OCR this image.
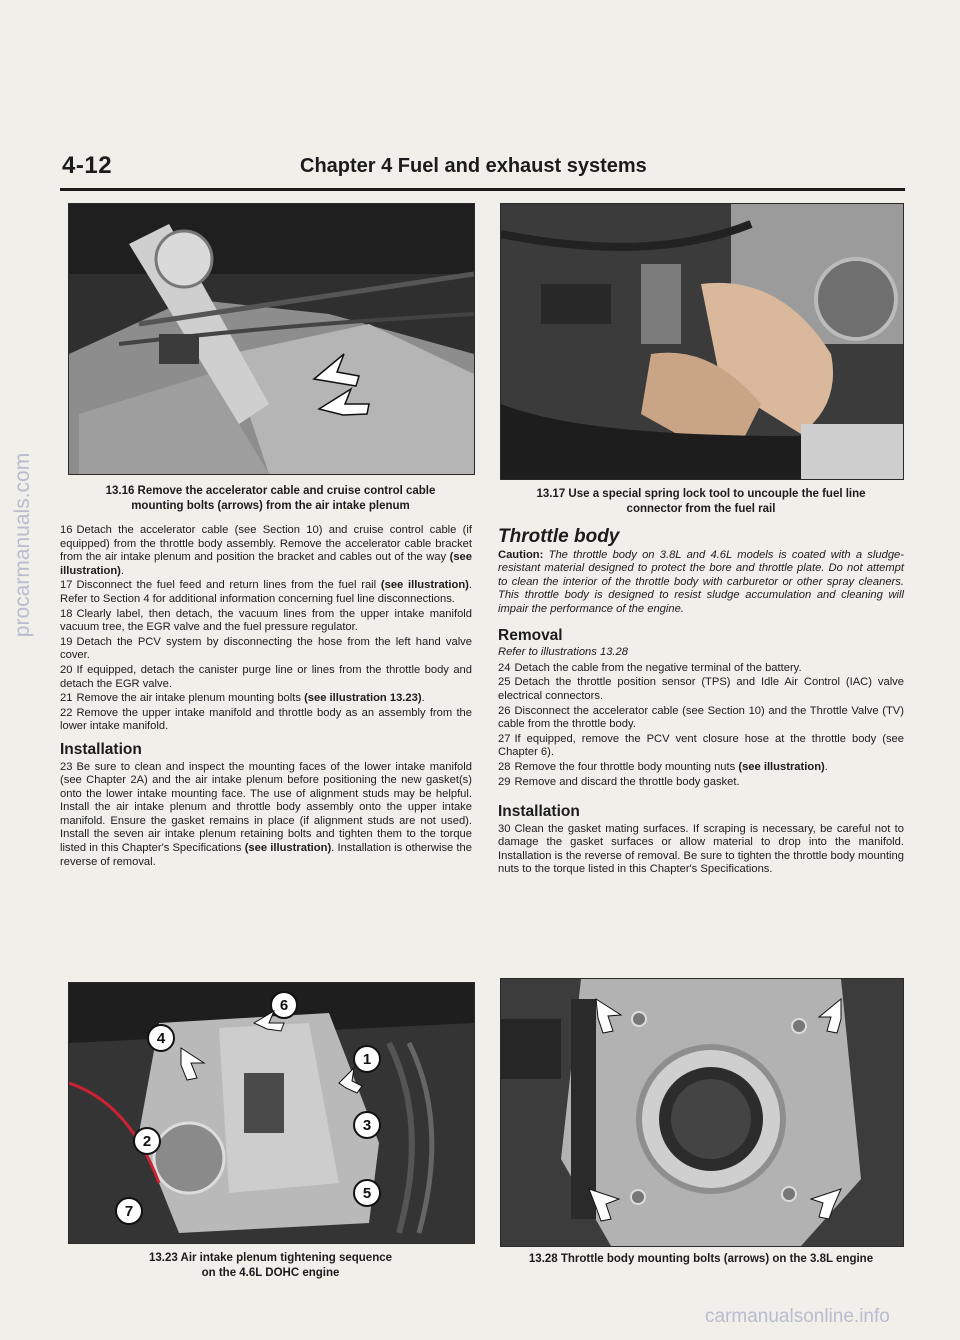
4-12	Chapter 4 Fuel and exhaust systems
13.16 Remove the accelerator cable and cruise control cable
mounting bolts (arrows) from the air intake plenum
13.17 Use a special spring lock tool to uncouple the fuel line
connector from the fuel rail

16 Detach the accelerator cable (see Section 10) and cruise control cable (if equipped) from the throttle body assembly. Remove the accelerator cable bracket from the air intake plenum and position the bracket and cables out of the way (see illustration).

17 Disconnect the fuel feed and return lines from the fuel rail (see illustration). Refer to Section 4 for additional information concerning fuel line disconnections.

18 Clearly label, then detach, the vacuum lines from the upper intake manifold vacuum tree, the EGR valve and the fuel pressure regulator.

19 Detach the PCV system by disconnecting the hose from the left hand valve cover.

20 If equipped, detach the canister purge line or lines from the throttle body and detach the EGR valve.

21 Remove the air intake plenum mounting bolts (see illustration 13.23).

22 Remove the upper intake manifold and throttle body as an assembly from the lower intake manifold.

Installation

23 Be sure to clean and inspect the mounting faces of the lower intake manifold (see Chapter 2A) and the air intake plenum before positioning the new gasket(s) onto the lower intake mounting face. The use of alignment studs may be helpful. Install the air intake plenum and throttle body assembly onto the upper intake manifold. Ensure the gasket remains in place (if alignment studs are not used). Install the seven air intake plenum retaining bolts and tighten them to the torque listed in this Chapter's Specifications (see illustration). Installation is otherwise the reverse of removal.

Throttle body

Caution: The throttle body on 3.8L and 4.6L models is coated with a sludge-resistant material designed to protect the bore and throttle plate. Do not attempt to clean the interior of the throttle body with carburetor or other spray cleaners. This throttle body is designed to resist sludge accumulation and cleaning will impair the performance of the engine.

Removal

Refer to illustrations 13.28

24 Detach the cable from the negative terminal of the battery.

25 Detach the throttle position sensor (TPS) and Idle Air Control (IAC) valve electrical connectors.

26 Disconnect the accelerator cable (see Section 10) and the Throttle Valve (TV) cable from the throttle body.

27 If equipped, remove the PCV vent closure hose at the throttle body (see Chapter 6).

28 Remove the four throttle body mounting nuts (see illustration).

29 Remove and discard the throttle body gasket.

Installation

30 Clean the gasket mating surfaces. If scraping is necessary, be careful not to damage the gasket surfaces or allow material to drop into the manifold. Installation is the reverse of removal. Be sure to tighten the throttle body mounting nuts to the torque listed in this Chapter's Specifications.

6
4
1
3
2
5
7
13.23 Air intake plenum tightening sequence
on the 4.6L DOHC engine
13.28 Throttle body mounting bolts (arrows) on the 3.8L engine
procarmanuals.com
carmanualsonline.info
